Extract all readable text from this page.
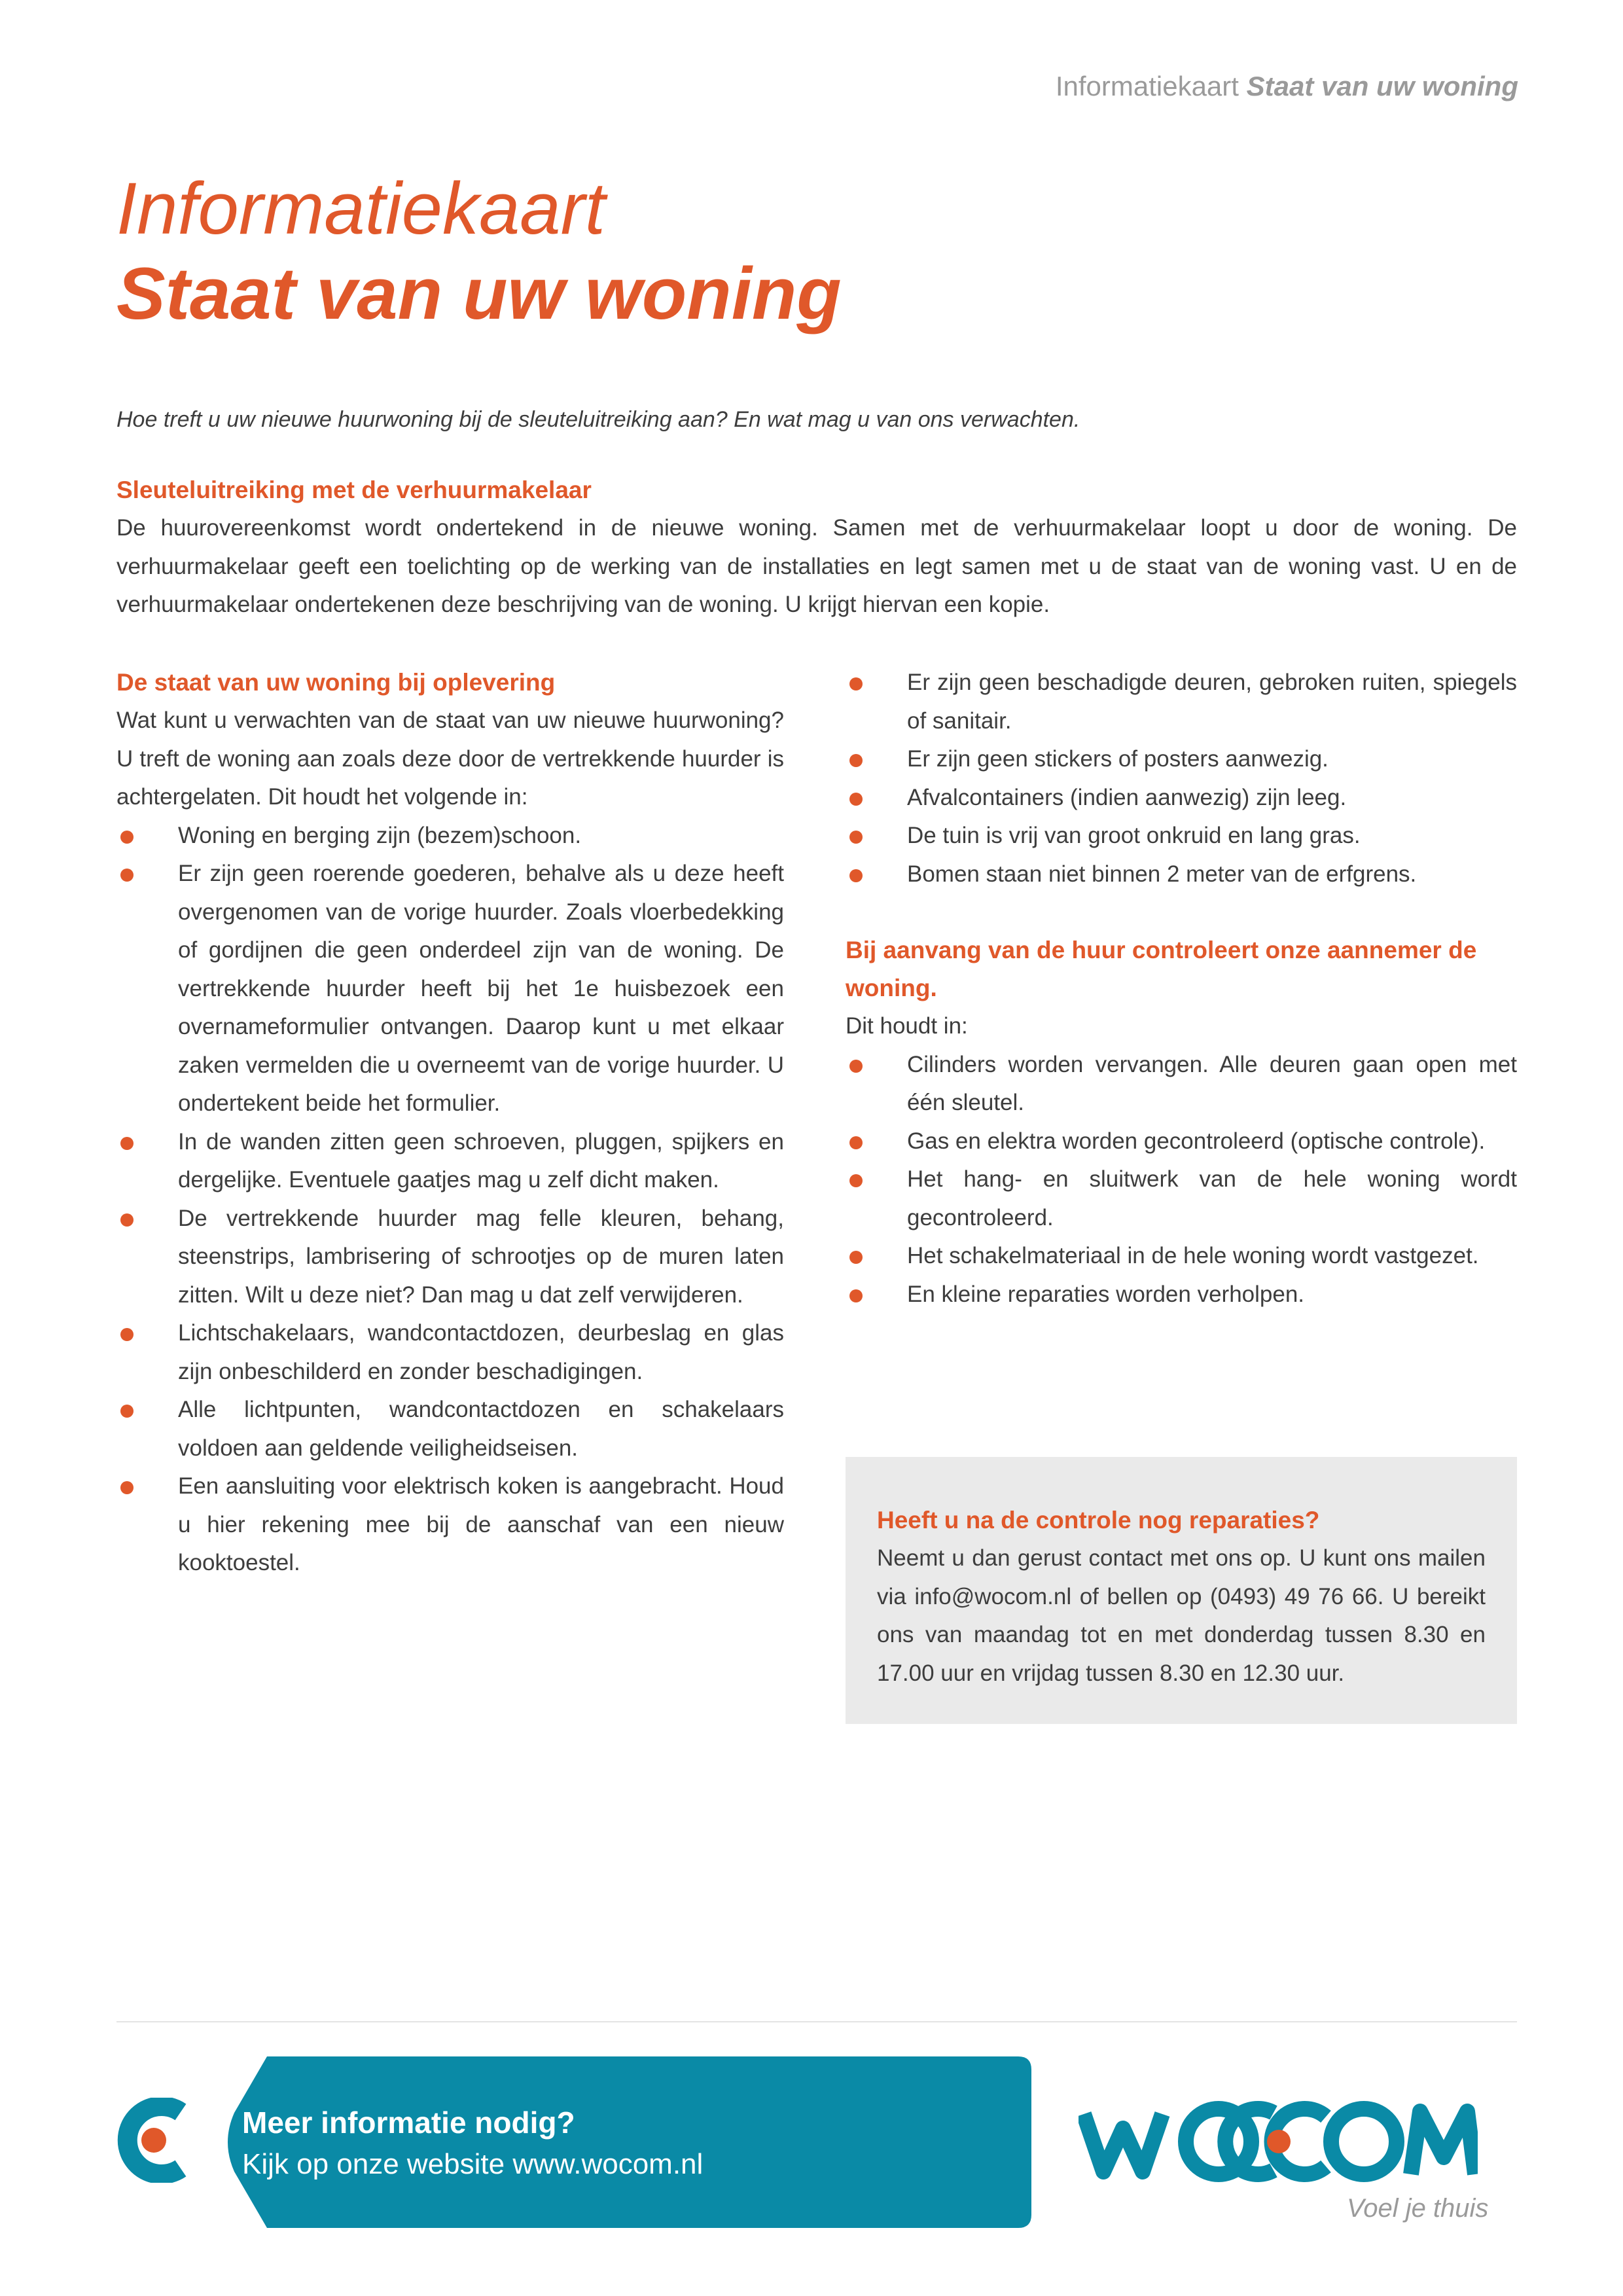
Informatiekaart Staat van uw woning
Informatiekaart
Staat van uw woning
Hoe treft u uw nieuwe huurwoning bij de sleuteluitreiking aan? En wat mag u van ons verwachten.

Sleuteluitreiking met de verhuurmakelaar

De huurovereenkomst wordt ondertekend in de nieuwe woning. Samen met de verhuurmakelaar loopt u door de woning. De verhuurmakelaar geeft een toelichting op de werking van de installaties en legt samen met u de staat van de woning vast. U en de verhuurmakelaar ondertekenen deze beschrijving van de woning. U krijgt hiervan een kopie.

De staat van uw woning bij oplevering

Wat kunt u verwachten van de staat van uw nieuwe huurwoning? U treft de woning aan zoals deze door de vertrekkende huurder is achtergelaten. Dit houdt het volgende in:

Woning en berging zijn (bezem)schoon.
Er zijn geen roerende goederen, behalve als u deze heeft overgenomen van de vorige huurder. Zoals vloerbedekking of gordijnen die geen onderdeel zijn van de woning. De vertrekkende huurder heeft bij het 1e huisbezoek een overnameformulier ontvangen. Daarop kunt u met elkaar zaken vermelden die u overneemt van de vorige huurder. U ondertekent beide het formulier.
In de wanden zitten geen schroeven, pluggen, spijkers en dergelijke. Eventuele gaatjes mag u zelf dicht maken.
De vertrekkende huurder mag felle kleuren, behang, steenstrips, lambrisering of schrootjes op de muren laten zitten. Wilt u deze niet? Dan mag u dat zelf verwijderen.
Lichtschakelaars, wandcontactdozen, deurbeslag en glas zijn onbeschilderd en zonder beschadigingen.
Alle lichtpunten, wandcontactdozen en schakelaars voldoen aan geldende veiligheidseisen.
Een aansluiting voor elektrisch koken is aangebracht. Houd u hier rekening mee bij de aanschaf van een nieuw kooktoestel.
Er zijn geen beschadigde deuren, gebroken ruiten, spiegels of sanitair.
Er zijn geen stickers of posters aanwezig.
Afvalcontainers (indien aanwezig) zijn leeg.
De tuin is vrij van groot onkruid en lang gras.
Bomen staan niet binnen 2 meter van de erfgrens.

Bij aanvang van de huur controleert onze aannemer de woning.

Dit houdt in:

Cilinders worden vervangen. Alle deuren gaan open met één sleutel.
Gas en elektra worden gecontroleerd (optische controle).
Het hang- en sluitwerk van de hele woning wordt gecontroleerd.
Het schakelmateriaal in de hele woning wordt vastgezet.
En kleine reparaties worden verholpen.

Heeft u na de controle nog reparaties?

Neemt u dan gerust contact met ons op. U kunt ons mailen via info@wocom.nl of bellen op (0493) 49 76 66. U bereikt ons van maandag tot en met donderdag tussen 8.30 en 17.00 uur en vrijdag tussen 8.30 en 12.30 uur.

Meer informatie nodig?
Kijk op onze website www.wocom.nl
WOCOM
Voel je thuis
